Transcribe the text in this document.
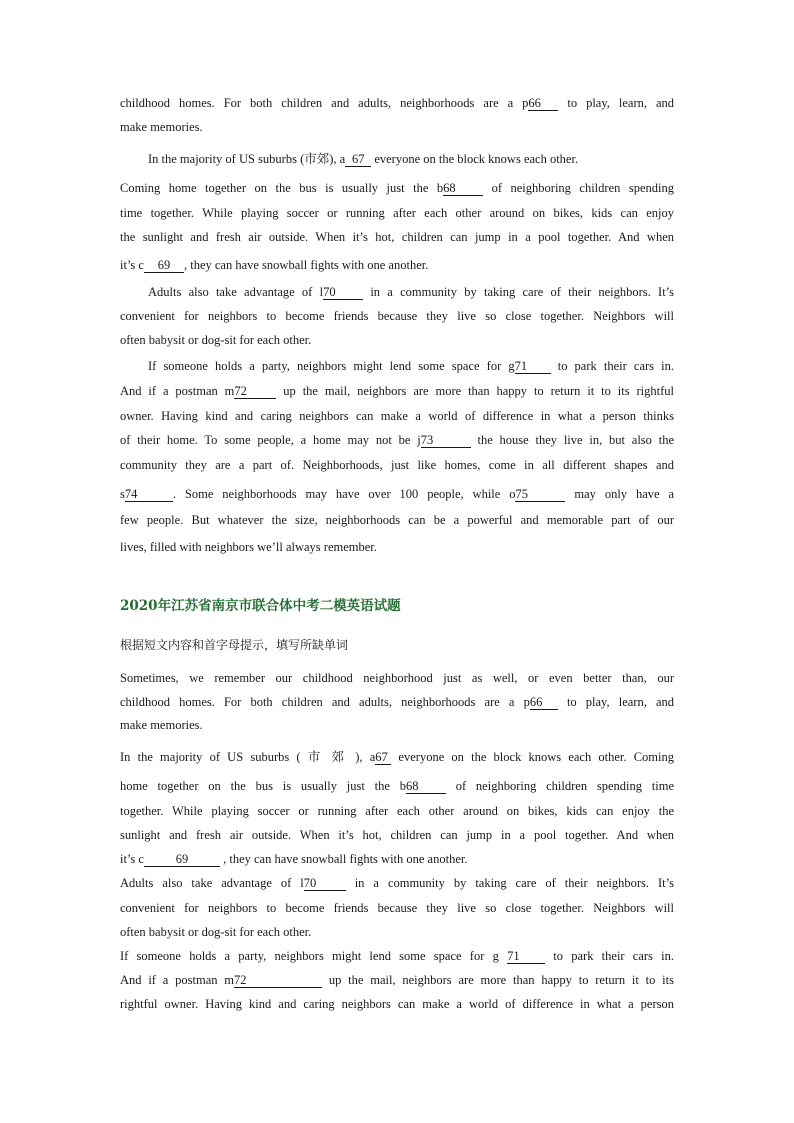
childhood homes. For both children and adults, neighborhoods are a p66 to play, learn, and
make memories.
In the majority of US suburbs (市郊), a 67 everyone on the block knows each other.
Coming home together on the bus is usually just the b68 of neighboring children spending
time together. While playing soccer or running after each other around on bikes, kids can enjoy
the sunlight and fresh air outside. When it’s hot, children can jump in a pool together. And when
it’s c 69 , they can have snowball fights with one another.
Adults also take advantage of l70 in a community by taking care of their neighbors. It’s
convenient for neighbors to become friends because they live so close together. Neighbors will
often babysit or dog-sit for each other.
If someone holds a party, neighbors might lend some space for g71 to park their cars in.
And if a postman m72 up the mail, neighbors are more than happy to return it to its rightful
owner. Having kind and caring neighbors can make a world of difference in what a person thinks
of their home. To some people, a home may not be j73	the house they live in, but also the
community they are a part of. Neighborhoods, just like homes, come in all different shapes and
s74	. Some neighborhoods may have over 100 people, while o75	may only have a
few people. But whatever the size, neighborhoods can be a powerful and memorable part of our
lives, filled with neighbors we’ll always remember.
2020年江苏省南京市联合体中考二模英语试题
根据短文内容和首字母提示，填写所缺单词
Sometimes, we remember our childhood neighborhood just as well, or even better than, our
childhood homes. For both children and adults, neighborhoods are a p66 to play, learn, and
make memories.
In the majority of US suburbs ( 市 郊 ), a67 everyone on the block knows each other. Coming
home together on the bus is usually just the b68 of neighboring children spending time
together. While playing soccer or running after each other around on bikes, kids can enjoy the
sunlight and fresh air outside. When it’s hot, children can jump in a pool together. And when
it’s c	69	, they can have snowball fights with one another.
Adults also take advantage of l70 in a community by taking care of their neighbors. It’s
convenient for neighbors to become friends because they live so close together. Neighbors will
often babysit or dog-sit for each other.
If someone holds a party, neighbors might lend some space for g 71 to park their cars in.
And if a postman m72	up the mail, neighbors are more than happy to return it to its
rightful owner. Having kind and caring neighbors can make a world of difference in what a person
